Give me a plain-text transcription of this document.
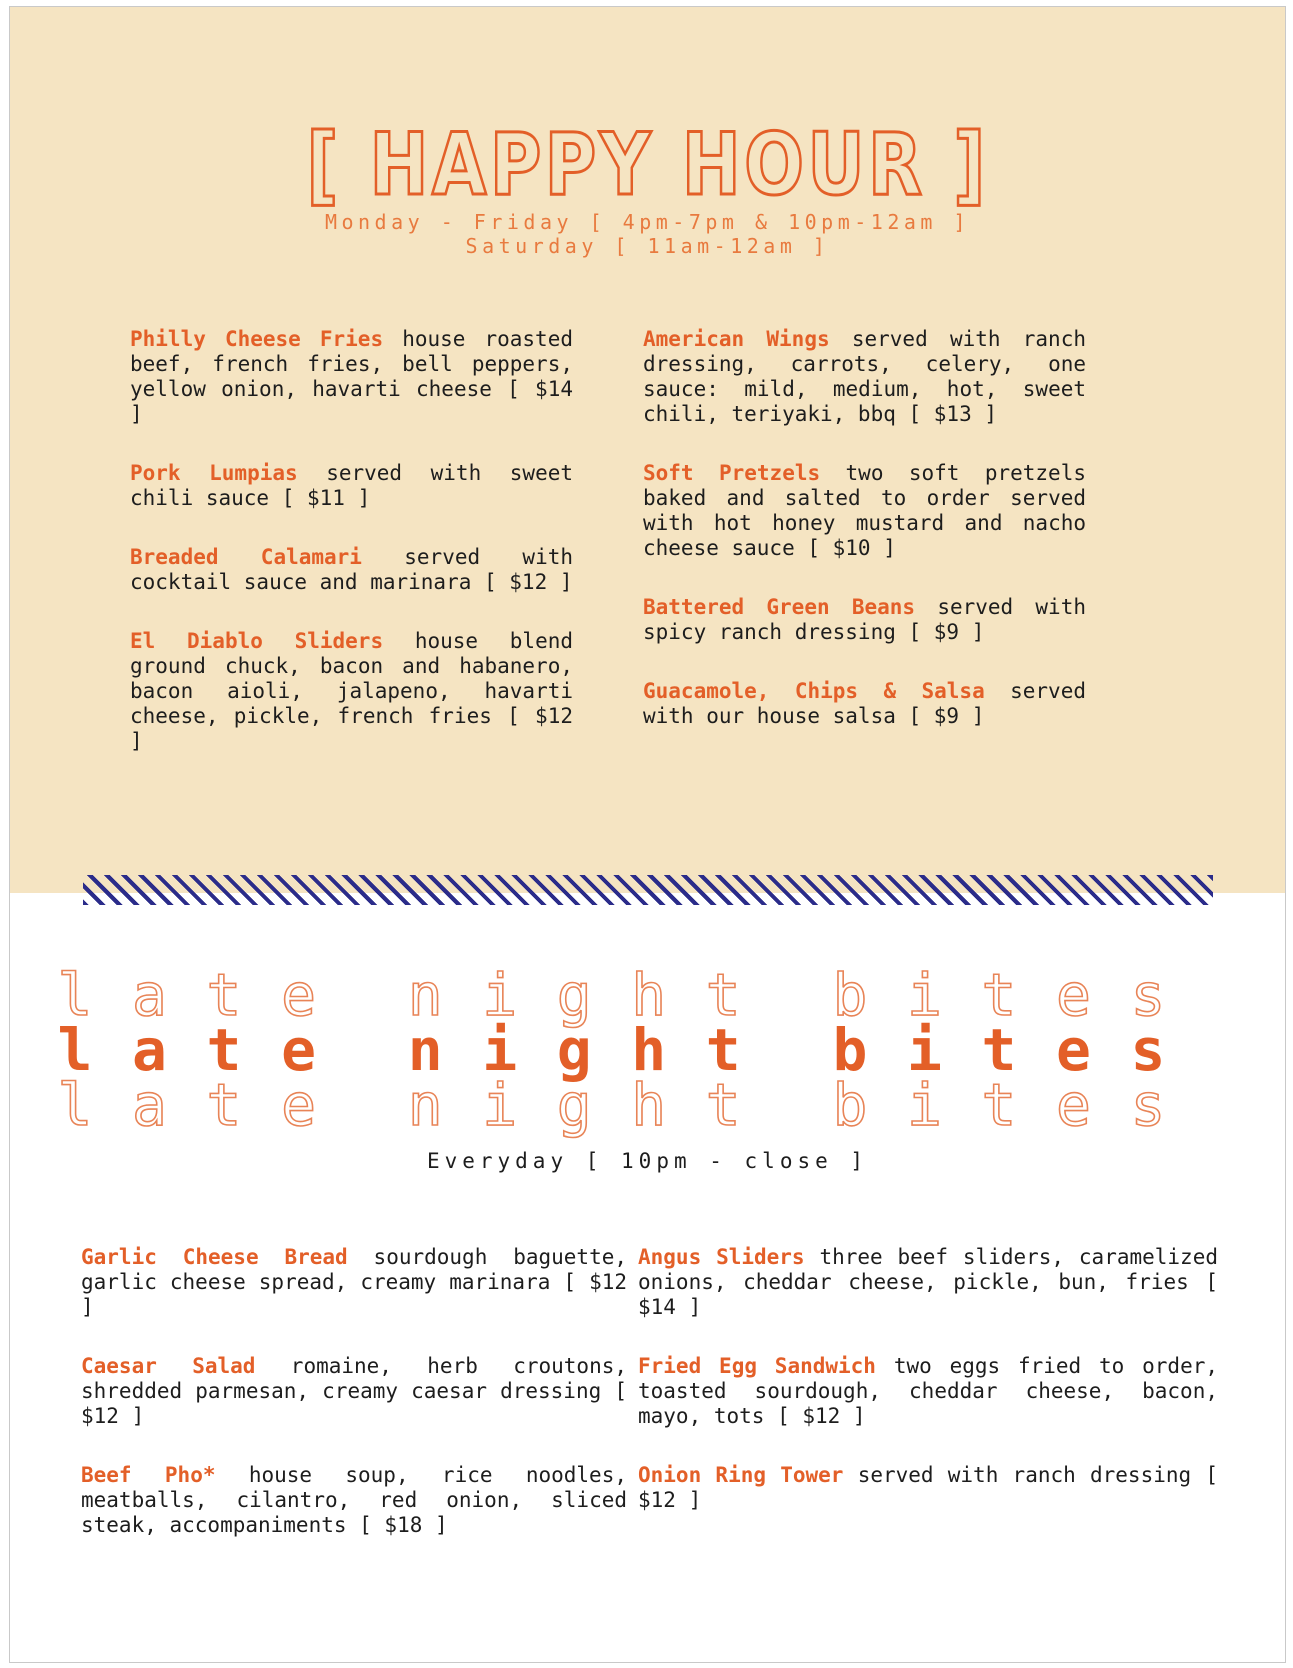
[ HAPPY HOUR ]
Monday - Friday [ 4pm-7pm & 10pm-12am ]
Saturday [ 11am-12am ]
Philly Cheese Fries house roasted beef, french fries, bell peppers, yellow onion, havarti cheese [ $14 ]
Pork Lumpias served with sweet chili sauce [ $11 ]
Breaded Calamari served with cocktail sauce and marinara [ $12 ]
El Diablo Sliders house blend ground chuck, bacon and habanero, bacon aioli, jalapeno, havarti cheese, pickle, french fries [ $12 ]
American Wings served with ranch dressing, carrots, celery, one sauce: mild, medium, hot, sweet chili, teriyaki, bbq [ $13 ]
Soft Pretzels two soft pretzels baked and salted to order served with hot honey mustard and nacho cheese sauce [ $10 ]
Battered Green Beans served with spicy ranch dressing [ $9 ]
Guacamole, Chips & Salsa served with our house salsa [ $9 ]
l a t e n i g h t b i t e s
l a t e n i g h t b i t e s
l a t e n i g h t b i t e s
Everyday [ 10pm - close ]
Garlic Cheese Bread sourdough baguette, garlic cheese spread, creamy marinara [ $12 ]
Caesar Salad romaine, herb croutons, shredded parmesan, creamy caesar dressing [ $12 ]
Beef Pho* house soup, rice noodles, meatballs, cilantro, red onion, sliced steak, accompaniments [ $18 ]
Angus Sliders three beef sliders, caramelized onions, cheddar cheese, pickle, bun, fries [ $14 ]
Fried Egg Sandwich two eggs fried to order, toasted sourdough, cheddar cheese, bacon, mayo, tots [ $12 ]
Onion Ring Tower served with ranch dressing [ $12 ]
